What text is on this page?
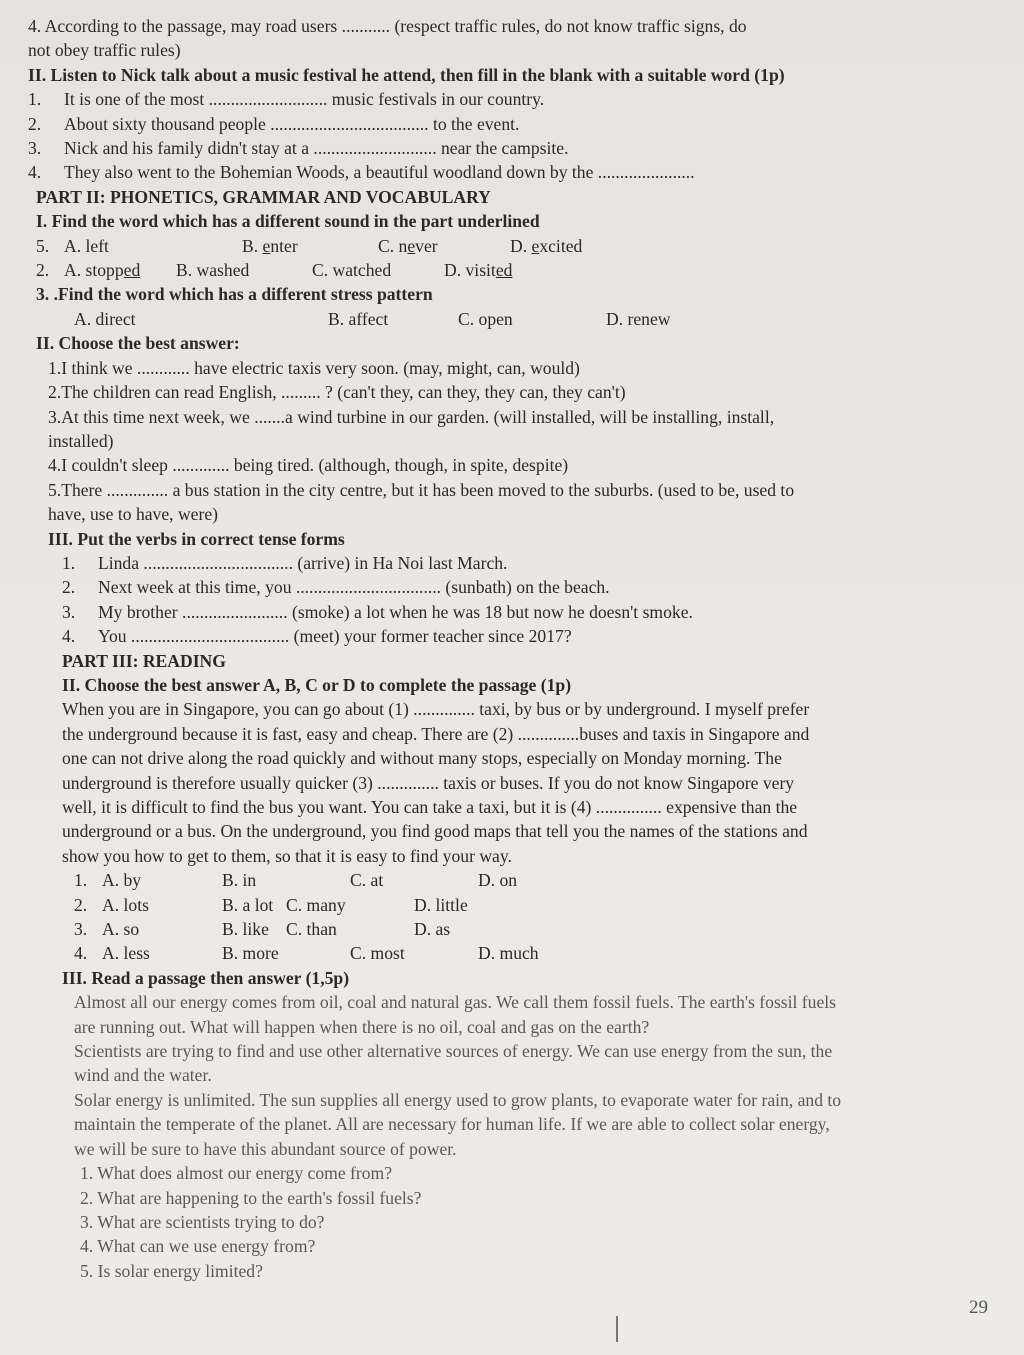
4. According to the passage, may road users ........... (respect traffic rules, do not know traffic signs, do
not obey traffic rules)
II. Listen to Nick talk about a music festival he attend, then fill in the blank with a suitable word (1p)
1. It is one of the most ........................... music festivals in our country.
2. About sixty thousand people .................................... to the event.
3. Nick and his family didn't stay at a ............................ near the campsite.
4. They also went to the Bohemian Woods, a beautiful woodland down by the ......................
PART II: PHONETICS, GRAMMAR AND VOCABULARY
I. Find the word which has a different sound in the part underlined
5. A. left	B. enter	C. never	D. excited
2. A. stopped B. washed	C. watched	D. visited
3. .Find the word which has a different stress pattern
A. direct	B. affect	C. open	D. renew
II. Choose the best answer:
1.I think we ............ have electric taxis very soon. (may, might, can, would)
2.The children can read English, ......... ? (can't they, can they, they can, they can't)
3.At this time next week, we .......a wind turbine in our garden. (will installed, will be installing, install,
installed)
4.I couldn't sleep ............. being tired. (although, though, in spite, despite)
5.There .............. a bus station in the city centre, but it has been moved to the suburbs. (used to be, used to
have, use to have, were)
III. Put the verbs in correct tense forms
1. Linda .................................. (arrive) in Ha Noi last March.
2. Next week at this time, you ................................. (sunbath) on the beach.
3. My brother ........................ (smoke) a lot when he was 18 but now he doesn't smoke.
4. You .................................... (meet) your former teacher since 2017?
PART III: READING
II. Choose the best answer A, B, C or D to complete the passage (1p)
When you are in Singapore, you can go about (1) .............. taxi, by bus or by underground. I myself prefer
the underground because it is fast, easy and cheap. There are (2) ..............buses and taxis in Singapore and
one can not drive along the road quickly and without many stops, especially on Monday morning. The
underground is therefore usually quicker (3) .............. taxis or buses. If you do not know Singapore very
well, it is difficult to find the bus you want. You can take a taxi, but it is (4) ............... expensive than the
underground or a bus. On the underground, you find good maps that tell you the names of the stations and
show you how to get to them, so that it is easy to find your way.
1. A. by	B. in	C. at	D. on
2. A. lots	B. a lot C. many	D. little
3. A. so	B. like C. than	D. as
4. A. less	B. more	C. most	D. much
III. Read a passage then answer (1,5p)
Almost all our energy comes from oil, coal and natural gas. We call them fossil fuels. The earth's fossil fuels
are running out. What will happen when there is no oil, coal and gas on the earth?
Scientists are trying to find and use other alternative sources of energy. We can use energy from the sun, the
wind and the water.
Solar energy is unlimited. The sun supplies all energy used to grow plants, to evaporate water for rain, and to
maintain the temperate of the planet. All are necessary for human life. If we are able to collect solar energy,
we will be sure to have this abundant source of power.
1. What does almost our energy come from?
2. What are happening to the earth's fossil fuels?
3. What are scientists trying to do?
4. What can we use energy from?
5. Is solar energy limited?
29
